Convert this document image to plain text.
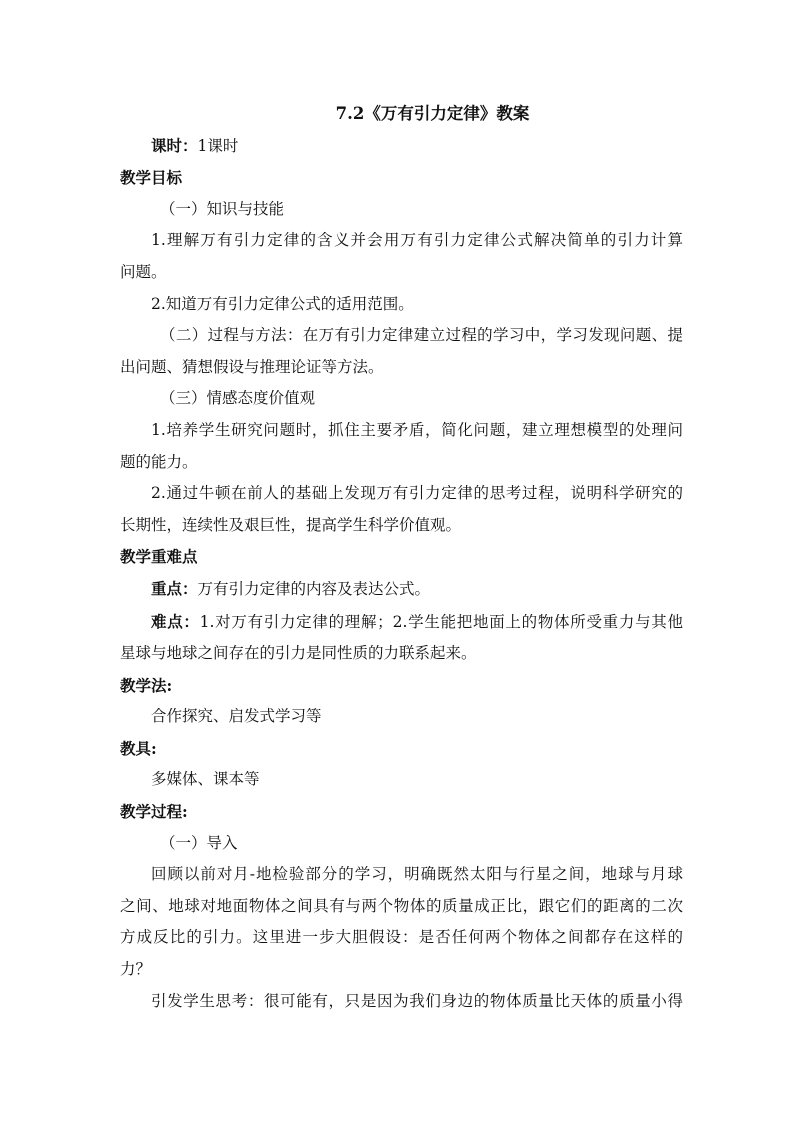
7.2《万有引力定律》教案

课时：1课时

教学目标

（一）知识与技能

1.理解万有引力定律的含义并会用万有引力定律公式解决简单的引力计算

问题。

2.知道万有引力定律公式的适用范围。

（二）过程与方法：在万有引力定律建立过程的学习中，学习发现问题、提

出问题、猜想假设与推理论证等方法。

（三）情感态度价值观

1.培养学生研究问题时，抓住主要矛盾，简化问题，建立理想模型的处理问

题的能力。

2.通过牛顿在前人的基础上发现万有引力定律的思考过程，说明科学研究的

长期性，连续性及艰巨性，提高学生科学价值观。

教学重难点

重点：万有引力定律的内容及表达公式。

难点：1.对万有引力定律的理解；2.学生能把地面上的物体所受重力与其他

星球与地球之间存在的引力是同性质的力联系起来。

教学法:

合作探究、启发式学习等

教具:

多媒体、课本等

教学过程:

（一）导入

回顾以前对月-地检验部分的学习，明确既然太阳与行星之间，地球与月球

之间、地球对地面物体之间具有与两个物体的质量成正比，跟它们的距离的二次

方成反比的引力。这里进一步大胆假设：是否任何两个物体之间都存在这样的

力？

引发学生思考：很可能有，只是因为我们身边的物体质量比天体的质量小得
